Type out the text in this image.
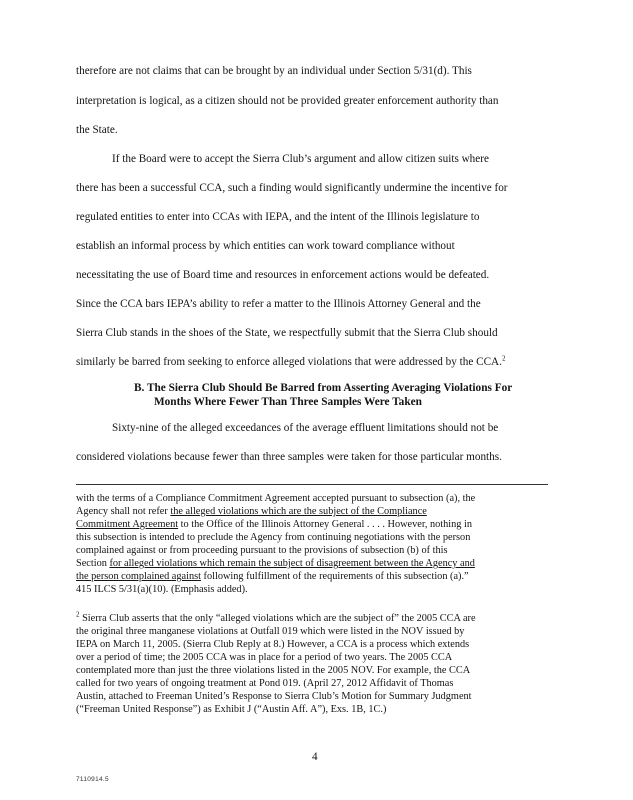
therefore are not claims that can be brought by an individual under Section 5/31(d). This
interpretation is logical, as a citizen should not be provided greater enforcement authority than
the State.
If the Board were to accept the Sierra Club’s argument and allow citizen suits where
there has been a successful CCA, such a finding would significantly undermine the incentive for
regulated entities to enter into CCAs with IEPA, and the intent of the Illinois legislature to
establish an informal process by which entities can work toward compliance without
necessitating the use of Board time and resources in enforcement actions would be defeated.
Since the CCA bars IEPA’s ability to refer a matter to the Illinois Attorney General and the
Sierra Club stands in the shoes of the State, we respectfully submit that the Sierra Club should
similarly be barred from seeking to enforce alleged violations that were addressed by the CCA.$^2$
B. The Sierra Club Should Be Barred from Asserting Averaging Violations For
Months Where Fewer Than Three Samples Were Taken
Sixty-nine of the alleged exceedances of the average effluent limitations should not be
considered violations because fewer than three samples were taken for those particular months.
with the terms of a Compliance Commitment Agreement accepted pursuant to subsection (a), the
Agency shall not refer the alleged violations which are the subject of the Compliance
Commitment Agreement to the Office of the Illinois Attorney General . . . . However, nothing in
this subsection is intended to preclude the Agency from continuing negotiations with the person
complained against or from proceeding pursuant to the provisions of subsection (b) of this
Section for alleged violations which remain the subject of disagreement between the Agency and
the person complained against following fulfillment of the requirements of this subsection (a).”
415 ILCS 5/31(a)(10). (Emphasis added).
$^2$ Sierra Club asserts that the only “alleged violations which are the subject of” the 2005 CCA are
the original three manganese violations at Outfall 019 which were listed in the NOV issued by
IEPA on March 11, 2005. (Sierra Club Reply at 8.) However, a CCA is a process which extends
over a period of time; the 2005 CCA was in place for a period of two years. The 2005 CCA
contemplated more than just the three violations listed in the 2005 NOV. For example, the CCA
called for two years of ongoing treatment at Pond 019. (April 27, 2012 Affidavit of Thomas
Austin, attached to Freeman United’s Response to Sierra Club’s Motion for Summary Judgment
(“Freeman United Response”) as Exhibit J (“Austin Aff. A”), Exs. 1B, 1C.)
4
7110914.5
